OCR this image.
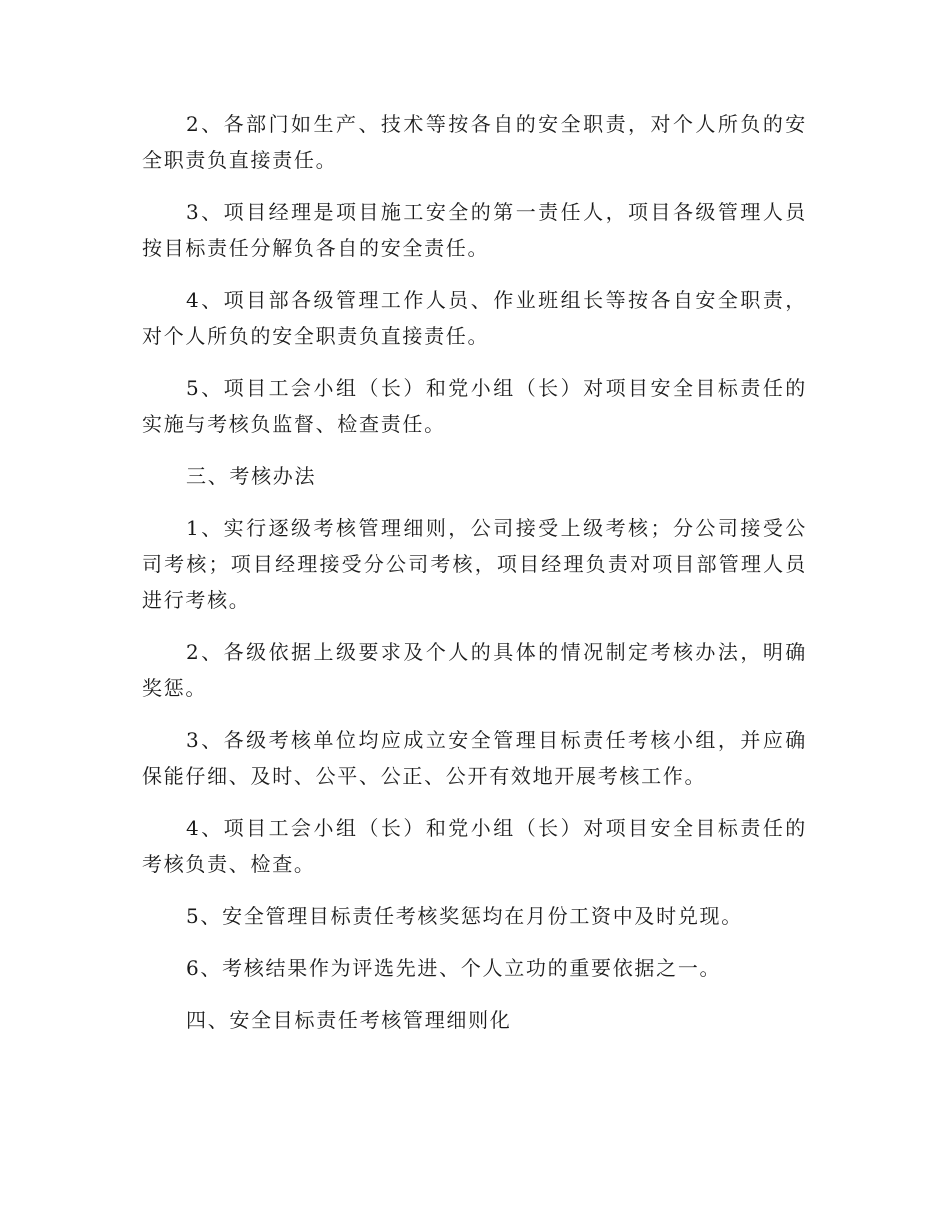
2、各部门如生产、技术等按各自的安全职责，对个人所负的安全职责负直接责任。

3、项目经理是项目施工安全的第一责任人，项目各级管理人员按目标责任分解负各自的安全责任。

4、项目部各级管理工作人员、作业班组长等按各自安全职责，对个人所负的安全职责负直接责任。

5、项目工会小组（长）和党小组（长）对项目安全目标责任的实施与考核负监督、检查责任。

三、考核办法

1、实行逐级考核管理细则，公司接受上级考核；分公司接受公司考核；项目经理接受分公司考核，项目经理负责对项目部管理人员进行考核。

2、各级依据上级要求及个人的具体的情况制定考核办法，明确奖惩。

3、各级考核单位均应成立安全管理目标责任考核小组，并应确保能仔细、及时、公平、公正、公开有效地开展考核工作。

4、项目工会小组（长）和党小组（长）对项目安全目标责任的考核负责、检查。

5、安全管理目标责任考核奖惩均在月份工资中及时兑现。

6、考核结果作为评选先进、个人立功的重要依据之一。

四、安全目标责任考核管理细则化
